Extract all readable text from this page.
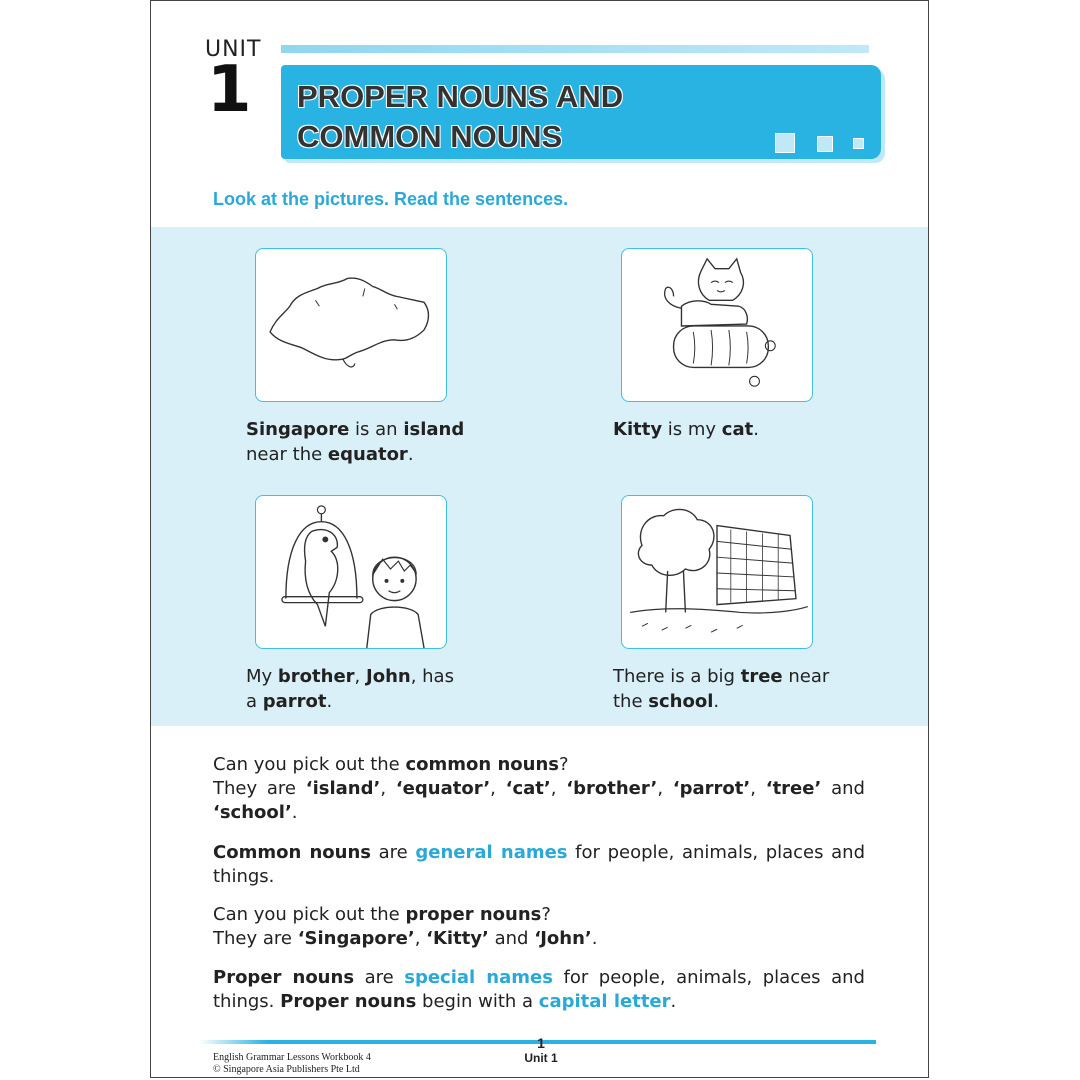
UNIT
1 PROPER NOUNS AND
COMMON NOUNS
Look at the pictures. Read the sentences.
Singapore is an island
near the equator.
Kitty is my cat.
My brother, John, has
a parrot.
There is a big tree near
the school.
Can you pick out the common nouns?
They are ‘island’, ‘equator’, ‘cat’, ‘brother’, ‘parrot’, ‘tree’ and ‘school’.
Common nouns are general names for people, animals, places and things.
Can you pick out the proper nouns?
They are ‘Singapore’, ‘Kitty’ and ‘John’.
Proper nouns are special names for people, animals, places and things. Proper nouns begin with a capital letter.
1
Unit 1
English Grammar Lessons Workbook 4
© Singapore Asia Publishers Pte Ltd
